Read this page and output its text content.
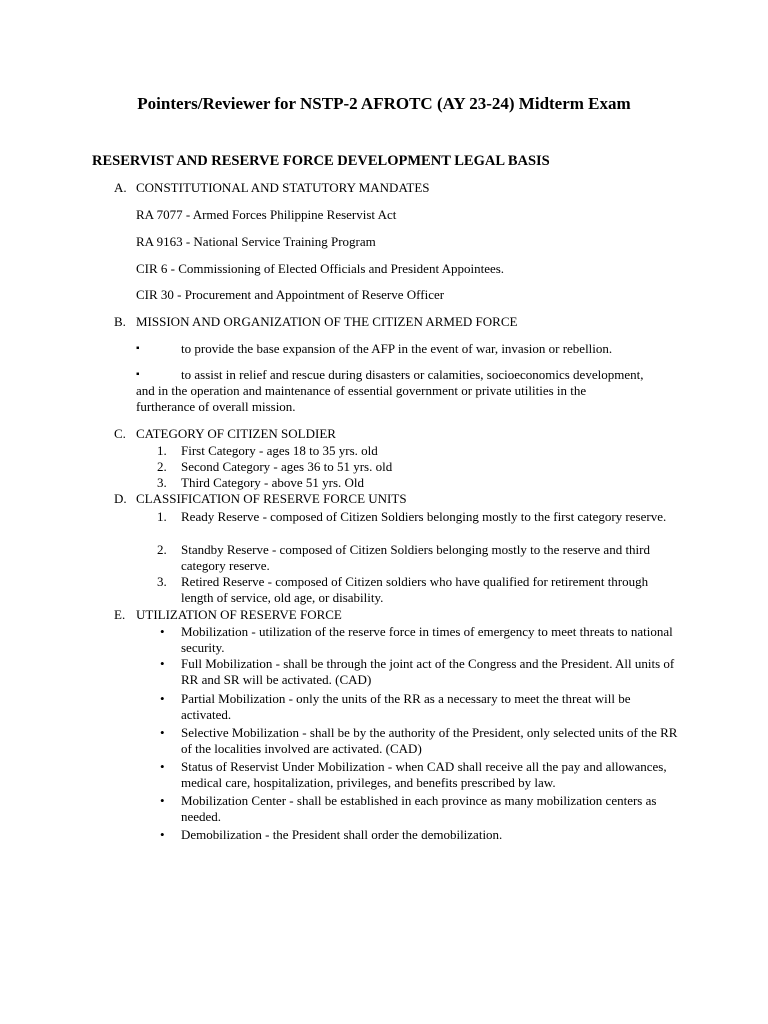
Pointers/Reviewer for NSTP-2 AFROTC (AY 23-24) Midterm Exam
RESERVIST AND RESERVE FORCE DEVELOPMENT LEGAL BASIS
A. CONSTITUTIONAL AND STATUTORY MANDATES
RA 7077 - Armed Forces Philippine Reservist Act
RA 9163 - National Service Training Program
CIR 6 - Commissioning of Elected Officials and President Appointees.
CIR 30 - Procurement and Appointment of Reserve Officer
B. MISSION AND ORGANIZATION OF THE CITIZEN ARMED FORCE
▪	to provide the base expansion of the AFP in the event of war, invasion or rebellion.
▪	to assist in relief and rescue during disasters or calamities, socioeconomics development,
and in the operation and maintenance of essential government or private utilities in the
furtherance of overall mission.
C. CATEGORY OF CITIZEN SOLDIER
1. First Category - ages 18 to 35 yrs. old
2. Second Category - ages 36 to 51 yrs. old
3. Third Category - above 51 yrs. Old
D. CLASSIFICATION OF RESERVE FORCE UNITS
1. Ready Reserve - composed of Citizen Soldiers belonging mostly to the first category reserve.
2. Standby Reserve - composed of Citizen Soldiers belonging mostly to the reserve and third category reserve.
3. Retired Reserve - composed of Citizen soldiers who have qualified for retirement through length of service, old age, or disability.
E. UTILIZATION OF RESERVE FORCE
• Mobilization - utilization of the reserve force in times of emergency to meet threats to national security.
• Full Mobilization - shall be through the joint act of the Congress and the President. All units of RR and SR will be activated. (CAD)
• Partial Mobilization - only the units of the RR as a necessary to meet the threat will be activated.
• Selective Mobilization - shall be by the authority of the President, only selected units of the RR of the localities involved are activated. (CAD)
• Status of Reservist Under Mobilization - when CAD shall receive all the pay and allowances, medical care, hospitalization, privileges, and benefits prescribed by law.
• Mobilization Center - shall be established in each province as many mobilization centers as needed.
• Demobilization - the President shall order the demobilization.
